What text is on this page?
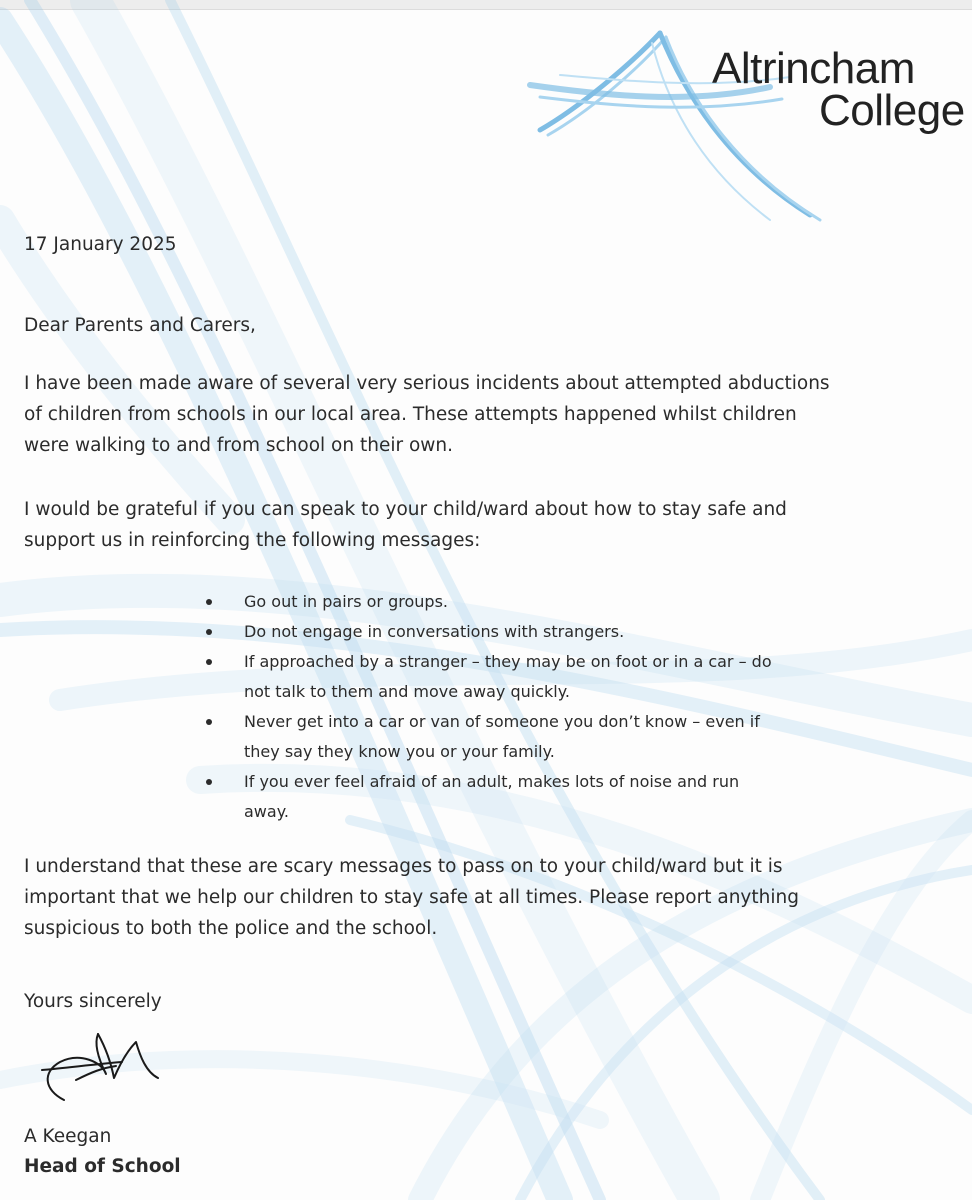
Altrincham
College

17 January 2025

Dear Parents and Carers,

I have been made aware of several very serious incidents about attempted abductions

of children from schools in our local area. These attempts happened whilst children

were walking to and from school on their own.

I would be grateful if you can speak to your child/ward about how to stay safe and

support us in reinforcing the following messages:

Go out in pairs or groups.
Do not engage in conversations with strangers.
If approached by a stranger – they may be on foot or in a car – do
not talk to them and move away quickly.
Never get into a car or van of someone you don’t know – even if
they say they know you or your family.
If you ever feel afraid of an adult, makes lots of noise and run
away.

I understand that these are scary messages to pass on to your child/ward but it is

important that we help our children to stay safe at all times. Please report anything

suspicious to both the police and the school.

Yours sincerely

A Keegan

Head of School
